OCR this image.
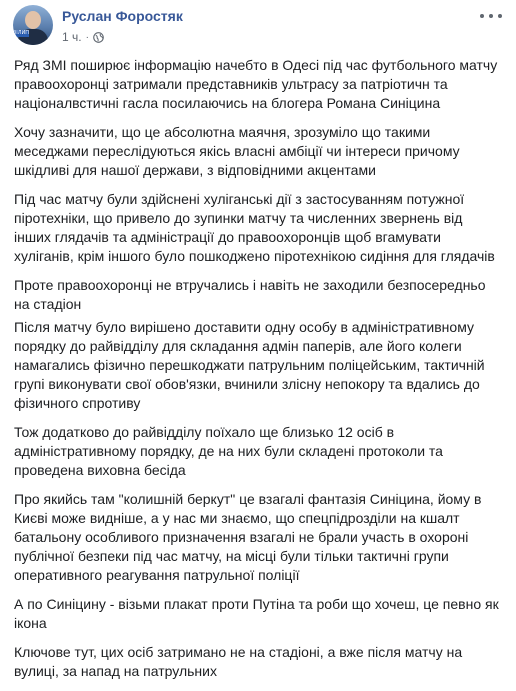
ЗІЛИП
Руслан Форостяк
1 ч. ·

Ряд ЗМІ поширює інформацію начебто в Одесі під час футбольного матчу правоохоронці затримали представників ультрасу за патріотичн та націоналвстичні гасла посилаючись на блогера Романа Синіцина

Хочу зазначити, що це абсолютна маячня, зрозуміло що такими меседжами переслідуються якісь власні амбіції чи інтереси причому шкідливі для нашої держави, з відповідними акцентами

Під час матчу були здійснені хуліганські дії з застосуванням потужної піротехніки, що привело до зупинки матчу та численних звернень від інших глядачів та адміністрації до правоохоронців щоб вгамувати хуліганів, крім іншого було пошкоджено піротехнікою сидіння для глядачів

Проте правоохоронці не втручались і навіть не заходили безпосередньо на стадіон

Після матчу було вирішено доставити одну особу в адміністративному порядку до райвідділу для складання адмін паперів, але його колеги намагались фізично перешкоджати патрульним поліцейським, тактичній групі виконувати свої обов'язки, вчинили злісну непокору та вдались до фізичного спротиву

Тож додатково до райвідділу поїхало ще близько 12 осіб в адміністративному порядку, де на них були складені протоколи та проведена виховна бесіда

Про якийсь там "колишній беркут" це взагалі фантазія Синіцина, йому в Києві може видніше, а у нас ми знаємо, що спецпідрозділи на кшалт батальону особливого призначення взагалі не брали участь в охороні публічної безпеки під час матчу, на місці були тільки тактичні групи оперативного реагування патрульної поліції

А по Синіцину - візьми плакат проти Путіна та роби що хочеш, це певно як ікона

Ключове тут, цих осіб затримано не на стадіоні, а вже після матчу на вулиці, за напад на патрульних
